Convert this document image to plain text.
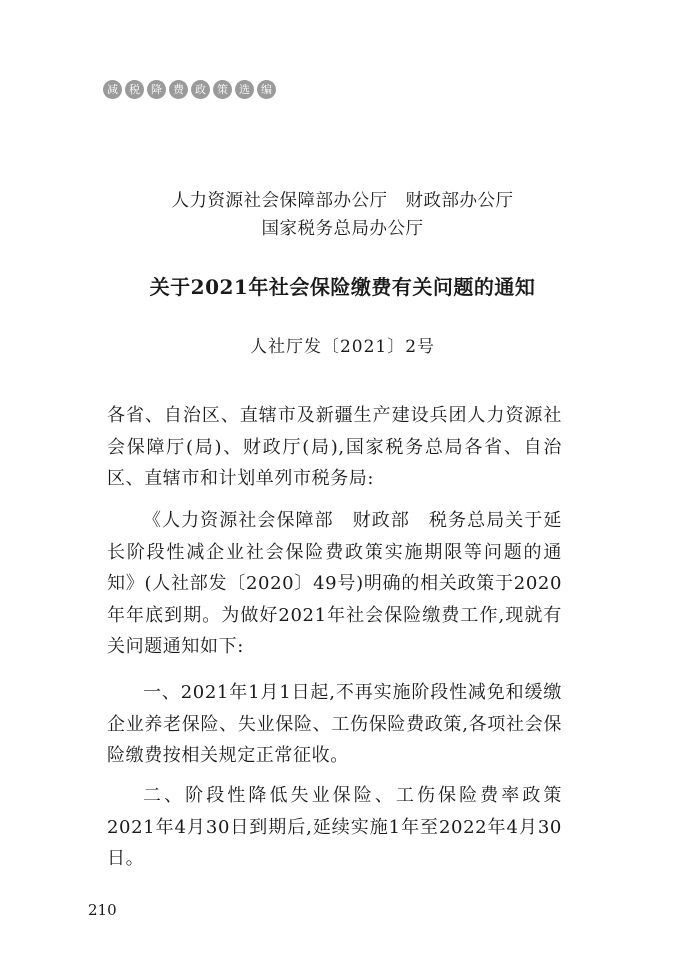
减	税	降	费	政	策	选	编
人力资源社会保障部办公厅 财政部办公厅
国家税务总局办公厅
关于2021年社会保险缴费有关问题的通知
人社厅发〔2021〕2号

各省、自治区、直辖市及新疆生产建设兵团人力资源社会保障厅(局)、财政厅(局),国家税务总局各省、自治区、直辖市和计划单列市税务局:

《人力资源社会保障部　财政部　税务总局关于延长阶段性减企业社会保险费政策实施期限等问题的通知》(人社部发〔2020〕49号)明确的相关政策于2020年年底到期。为做好2021年社会保险缴费工作,现就有关问题通知如下:

一、2021年1月1日起,不再实施阶段性减免和缓缴企业养老保险、失业保险、工伤保险费政策,各项社会保险缴费按相关规定正常征收。

二、阶段性降低失业保险、工伤保险费率政策2021年4月30日到期后,延续实施1年至2022年4月30日。

210
